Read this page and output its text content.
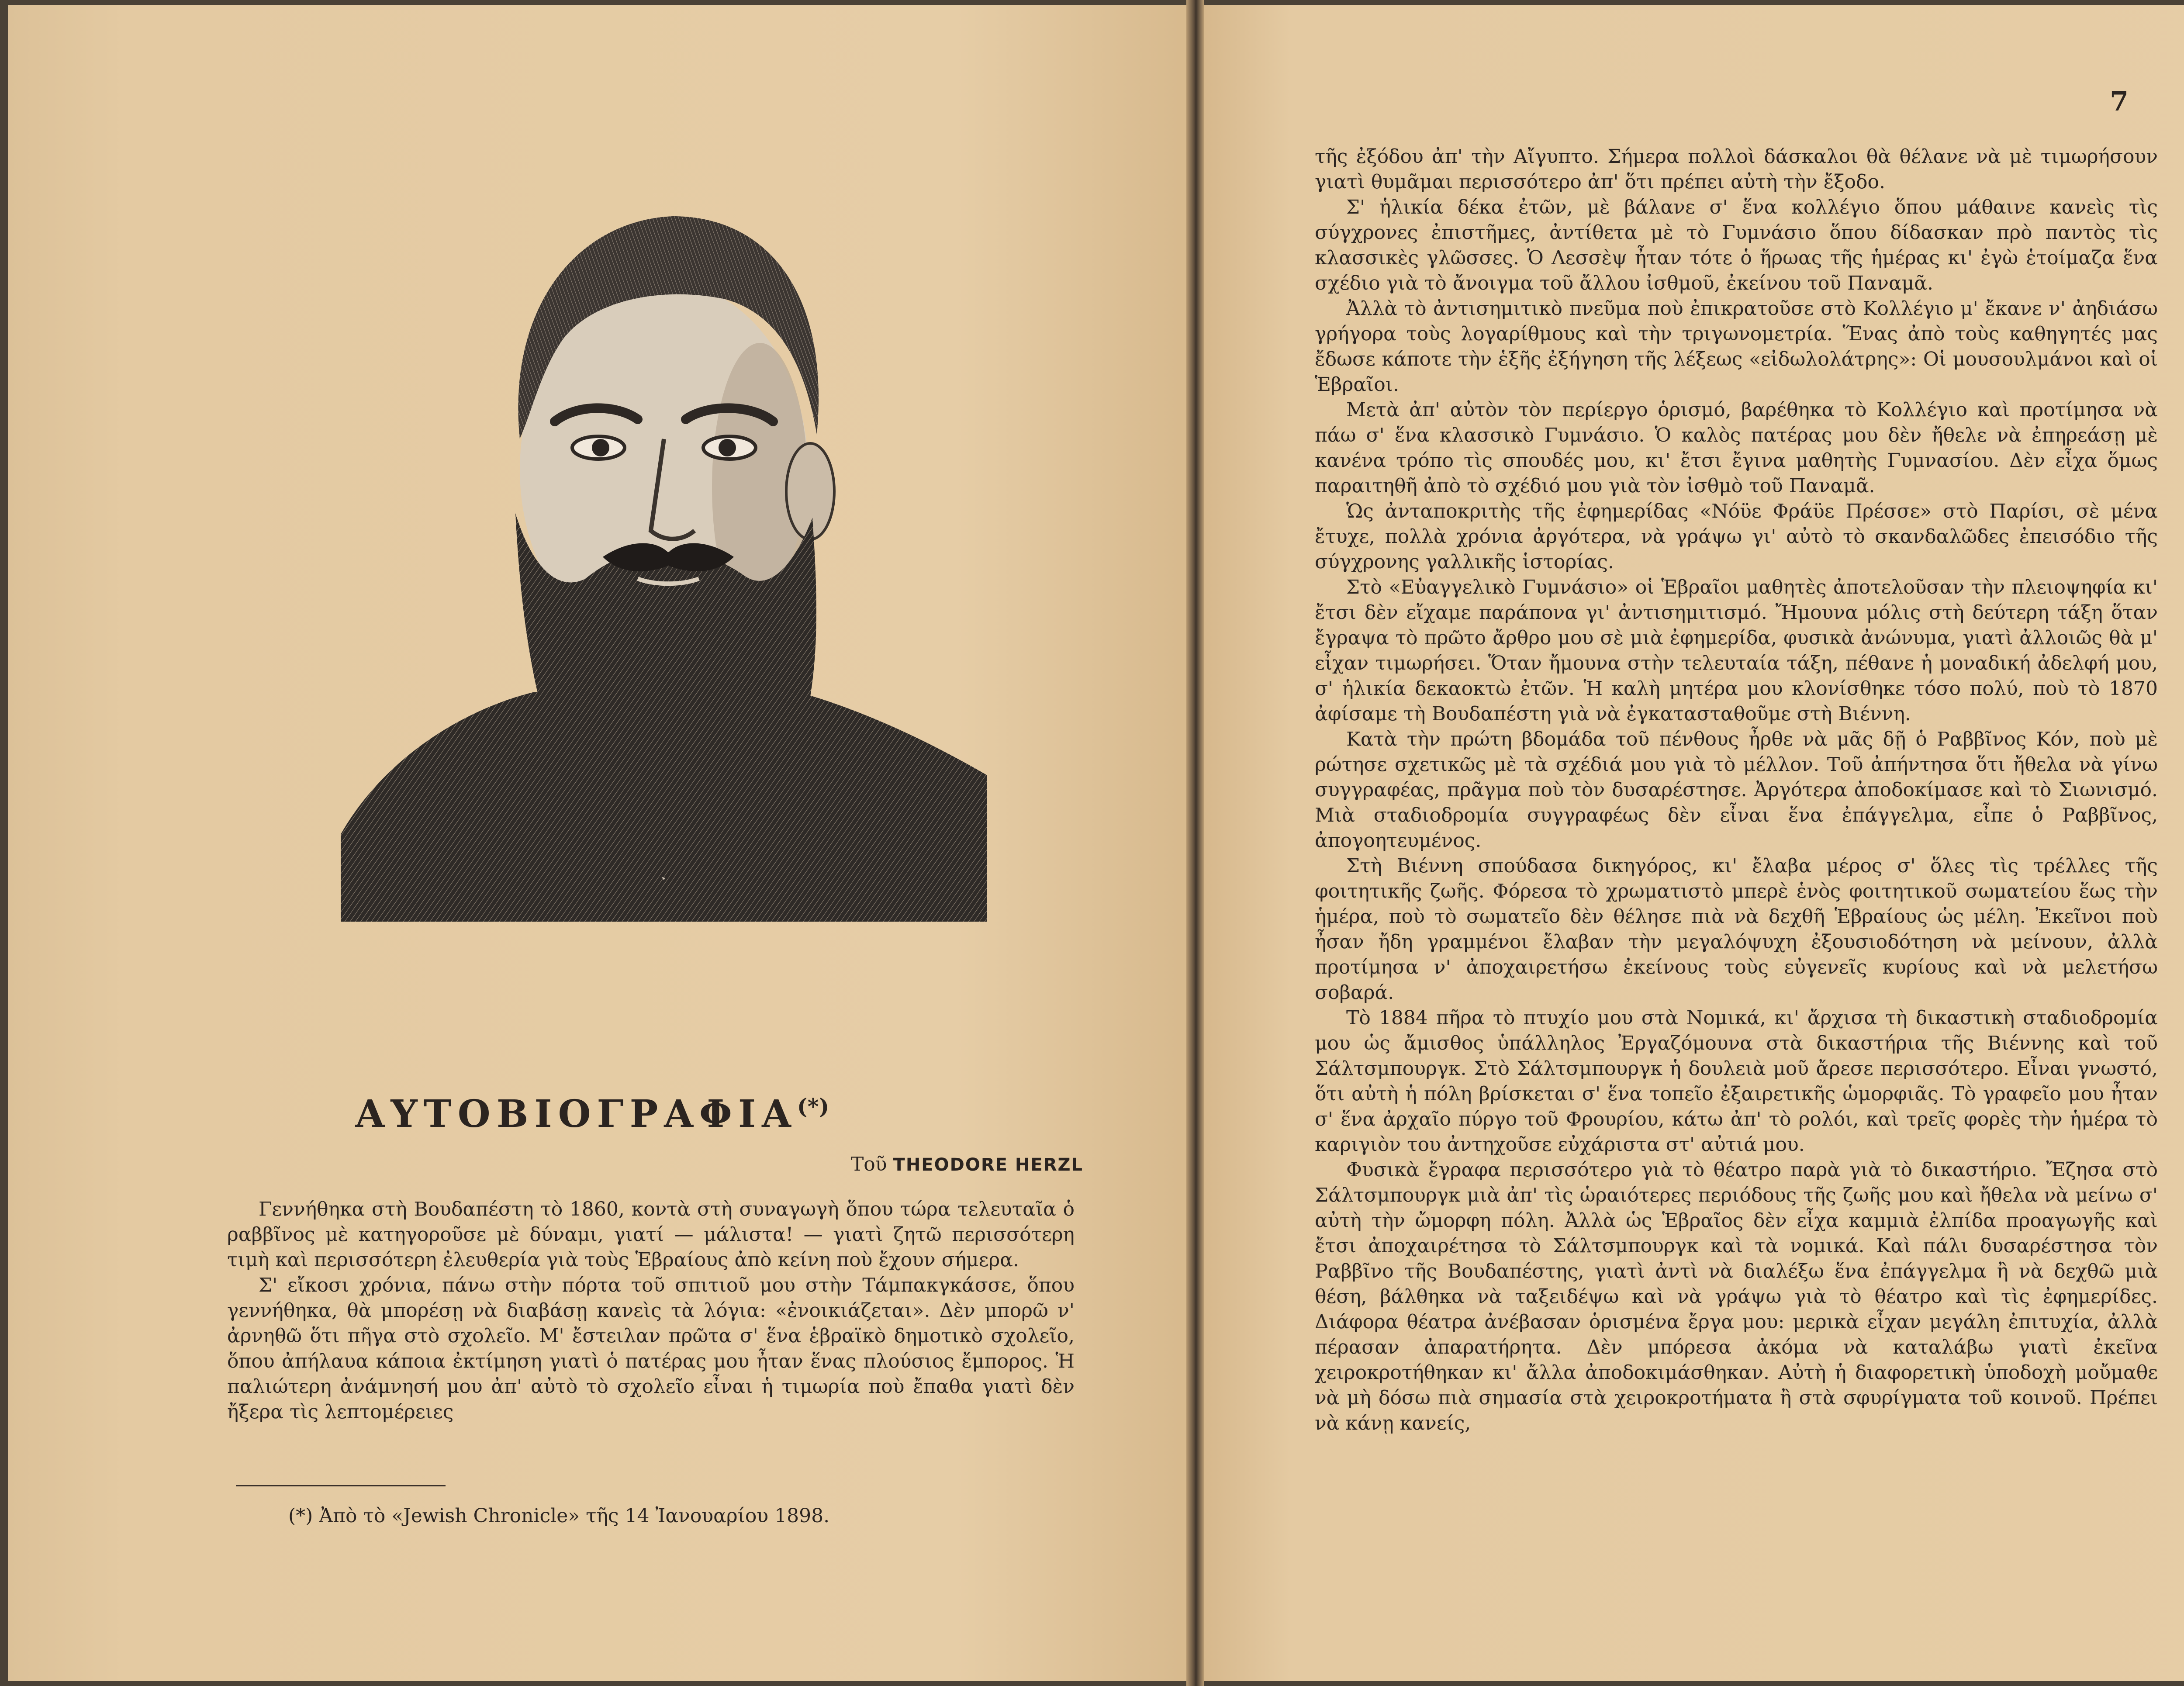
ΑΥΤΟΒΙΟΓΡΑΦΙΑ(*)
Τοῦ THEODORE HERZL

Γεννήθηκα στὴ Βουδαπέστη τὸ 1860, κοντὰ στὴ συναγωγὴ ὅπου τώρα τελευταῖα ὁ ραββῖνος μὲ κατηγοροῦσε μὲ δύναμι, γιατί — μάλιστα! — γιατὶ ζητῶ περισσότερη τιμὴ καὶ περισσότερη ἐλευθερία γιὰ τοὺς Ἑβραίους ἀπὸ κείνη ποὺ ἔχουν σήμερα.

Σ' εἴκοσι χρόνια, πάνω στὴν πόρτα τοῦ σπιτιοῦ μου στὴν Τάμπακγκάσσε, ὅπου γεννήθηκα, θὰ μπορέσῃ νὰ διαβάσῃ κανεὶς τὰ λόγια: «ἐνοικιάζεται». Δὲν μπορῶ ν' ἀρνηθῶ ὅτι πῆγα στὸ σχολεῖο. Μ' ἔστειλαν πρῶτα σ' ἕνα ἑβραϊκὸ δημοτικὸ σχολεῖο, ὅπου ἀπήλαυα κάποια ἐκτίμηση γιατὶ ὁ πατέρας μου ἦταν ἕνας πλούσιος ἔμπορος. Ἡ παλιώτερη ἀνάμνησή μου ἀπ' αὐτὸ τὸ σχολεῖο εἶναι ἡ τιμωρία ποὺ ἔπαθα γιατὶ δὲν ἤξερα τὶς λεπτομέρειες

(*) Ἀπὸ τὸ «Jewish Chronicle» τῆς 14 Ἰανουαρίου 1898.
7

τῆς ἐξόδου ἀπ' τὴν Αἴγυπτο. Σήμερα πολλοὶ δάσκαλοι θὰ θέλανε νὰ μὲ τιμωρήσουν γιατὶ θυμᾶμαι περισσότερο ἀπ' ὅτι πρέπει αὐτὴ τὴν ἔξοδο.

Σ' ἡλικία δέκα ἐτῶν, μὲ βάλανε σ' ἕνα κολλέγιο ὅπου μάθαινε κανεὶς τὶς σύγχρονες ἐπιστῆμες, ἀντίθετα μὲ τὸ Γυμνάσιο ὅπου δίδασκαν πρὸ παντὸς τὶς κλασσικὲς γλῶσσες. Ὁ Λεσσὲψ ἦταν τότε ὁ ἥρωας τῆς ἡμέρας κι' ἐγὼ ἑτοίμαζα ἕνα σχέδιο γιὰ τὸ ἄνοιγμα τοῦ ἄλλου ἰσθμοῦ, ἐκείνου τοῦ Παναμᾶ.

Ἀλλὰ τὸ ἀντισημιτικὸ πνεῦμα ποὺ ἐπικρατοῦσε στὸ Κολλέγιο μ' ἔκανε ν' ἀηδιάσω γρήγορα τοὺς λογαρίθμους καὶ τὴν τριγωνομετρία. Ἕνας ἀπὸ τοὺς καθηγητές μας ἔδωσε κάποτε τὴν ἑξῆς ἐξήγηση τῆς λέξεως «εἰδωλολάτρης»: Οἱ μουσουλμάνοι καὶ οἱ Ἑβραῖοι.

Μετὰ ἀπ' αὐτὸν τὸν περίεργο ὁρισμό, βαρέθηκα τὸ Κολλέγιο καὶ προτίμησα νὰ πάω σ' ἕνα κλασσικὸ Γυμνάσιο. Ὁ καλὸς πατέρας μου δὲν ἤθελε νὰ ἐπηρεάσῃ μὲ κανένα τρόπο τὶς σπουδές μου, κι' ἔτσι ἔγινα μαθητὴς Γυμνασίου. Δὲν εἶχα ὅμως παραιτηθῆ ἀπὸ τὸ σχέδιό μου γιὰ τὸν ἰσθμὸ τοῦ Παναμᾶ.

Ὡς ἀνταποκριτὴς τῆς ἐφημερίδας «Νόϋε Φράϋε Πρέσσε» στὸ Παρίσι, σὲ μένα ἔτυχε, πολλὰ χρόνια ἀργότερα, νὰ γράψω γι' αὐτὸ τὸ σκανδαλῶδες ἐπεισόδιο τῆς σύγχρονης γαλλικῆς ἱστορίας.

Στὸ «Εὐαγγελικὸ Γυμνάσιο» οἱ Ἑβραῖοι μαθητὲς ἀποτελοῦσαν τὴν πλειοψηφία κι' ἔτσι δὲν εἴχαμε παράπονα γι' ἀντισημιτισμό. Ἤμουνα μόλις στὴ δεύτερη τάξη ὅταν ἔγραψα τὸ πρῶτο ἄρθρο μου σὲ μιὰ ἐφημερίδα, φυσικὰ ἀνώνυμα, γιατὶ ἀλλοιῶς θὰ μ' εἶχαν τιμωρήσει. Ὅταν ἤμουνα στὴν τελευταία τάξη, πέθανε ἡ μοναδική ἀδελφή μου, σ' ἡλικία δεκαοκτὼ ἐτῶν. Ἡ καλὴ μητέρα μου κλονίσθηκε τόσο πολύ, ποὺ τὸ 1870 ἀφίσαμε τὴ Βουδαπέστη γιὰ νὰ ἐγκατασταθοῦμε στὴ Βιέννη.

Κατὰ τὴν πρώτη βδομάδα τοῦ πένθους ἦρθε νὰ μᾶς δῇ ὁ Ραββῖνος Κόν, ποὺ μὲ ρώτησε σχετικῶς μὲ τὰ σχέδιά μου γιὰ τὸ μέλλον. Τοῦ ἀπήντησα ὅτι ἤθελα νὰ γίνω συγγραφέας, πρᾶγμα ποὺ τὸν δυσαρέστησε. Ἀργότερα ἀποδοκίμασε καὶ τὸ Σιωνισμό. Μιὰ σταδιοδρομία συγγραφέως δὲν εἶναι ἕνα ἐπάγγελμα, εἶπε ὁ Ραββῖνος, ἀπογοητευμένος.

Στὴ Βιέννη σπούδασα δικηγόρος, κι' ἔλαβα μέρος σ' ὅλες τὶς τρέλλες τῆς φοιτητικῆς ζωῆς. Φόρεσα τὸ χρωματιστὸ μπερὲ ἑνὸς φοιτητικοῦ σωματείου ἕως τὴν ἡμέρα, ποὺ τὸ σωματεῖο δὲν θέλησε πιὰ νὰ δεχθῆ Ἑβραίους ὡς μέλη. Ἐκεῖνοι ποὺ ἦσαν ἤδη γραμμένοι ἔλαβαν τὴν μεγαλόψυχη ἐξουσιοδότηση νὰ μείνουν, ἀλλὰ προτίμησα ν' ἀποχαιρετήσω ἐκείνους τοὺς εὐγενεῖς κυρίους καὶ νὰ μελετήσω σοβαρά.

Τὸ 1884 πῆρα τὸ πτυχίο μου στὰ Νομικά, κι' ἄρχισα τὴ δικαστικὴ σταδιοδρομία μου ὡς ἄμισθος ὑπάλληλος Ἐργαζόμουνα στὰ δικαστήρια τῆς Βιέννης καὶ τοῦ Σάλτσμπουργκ. Στὸ Σάλτσμπουργκ ἡ δουλειὰ μοῦ ἄρεσε περισσότερο. Εἶναι γνωστό, ὅτι αὐτὴ ἡ πόλη βρίσκεται σ' ἕνα τοπεῖο ἐξαιρετικῆς ὡμορφιᾶς. Τὸ γραφεῖο μου ἦταν σ' ἕνα ἀρχαῖο πύργο τοῦ Φρουρίου, κάτω ἀπ' τὸ ρολόι, καὶ τρεῖς φορὲς τὴν ἡμέρα τὸ καριγιὸν του ἀντηχοῦσε εὐχάριστα στ' αὐτιά μου.

Φυσικὰ ἔγραφα περισσότερο γιὰ τὸ θέατρο παρὰ γιὰ τὸ δικαστήριο. Ἔζησα στὸ Σάλτσμπουργκ μιὰ ἀπ' τὶς ὡραιότερες περιόδους τῆς ζωῆς μου καὶ ἤθελα νὰ μείνω σ' αὐτὴ τὴν ὤμορφη πόλη. Ἀλλὰ ὡς Ἑβραῖος δὲν εἶχα καμμιὰ ἐλπίδα προαγωγῆς καὶ ἔτσι ἀποχαιρέτησα τὸ Σάλτσμπουργκ καὶ τὰ νομικά. Καὶ πάλι δυσαρέστησα τὸν Ραββῖνο τῆς Βουδαπέστης, γιατὶ ἀντὶ νὰ διαλέξω ἕνα ἐπάγγελμα ἢ νὰ δεχθῶ μιὰ θέση, βάλθηκα νὰ ταξειδέψω καὶ νὰ γράψω γιὰ τὸ θέατρο καὶ τὶς ἐφημερίδες. Διάφορα θέατρα ἀνέβασαν ὁρισμένα ἔργα μου: μερικὰ εἶχαν μεγάλη ἐπιτυχία, ἀλλὰ πέρασαν ἀπαρατήρητα. Δὲν μπόρεσα ἀκόμα νὰ καταλάβω γιατὶ ἐκεῖνα χειροκροτήθηκαν κι' ἄλλα ἀποδοκιμάσθηκαν. Αὐτὴ ἡ διαφορετικὴ ὑποδοχὴ μοὔμαθε νὰ μὴ δόσω πιὰ σημασία στὰ χειροκροτήματα ἢ στὰ σφυρίγματα τοῦ κοινοῦ. Πρέπει νὰ κάνῃ κανείς,
